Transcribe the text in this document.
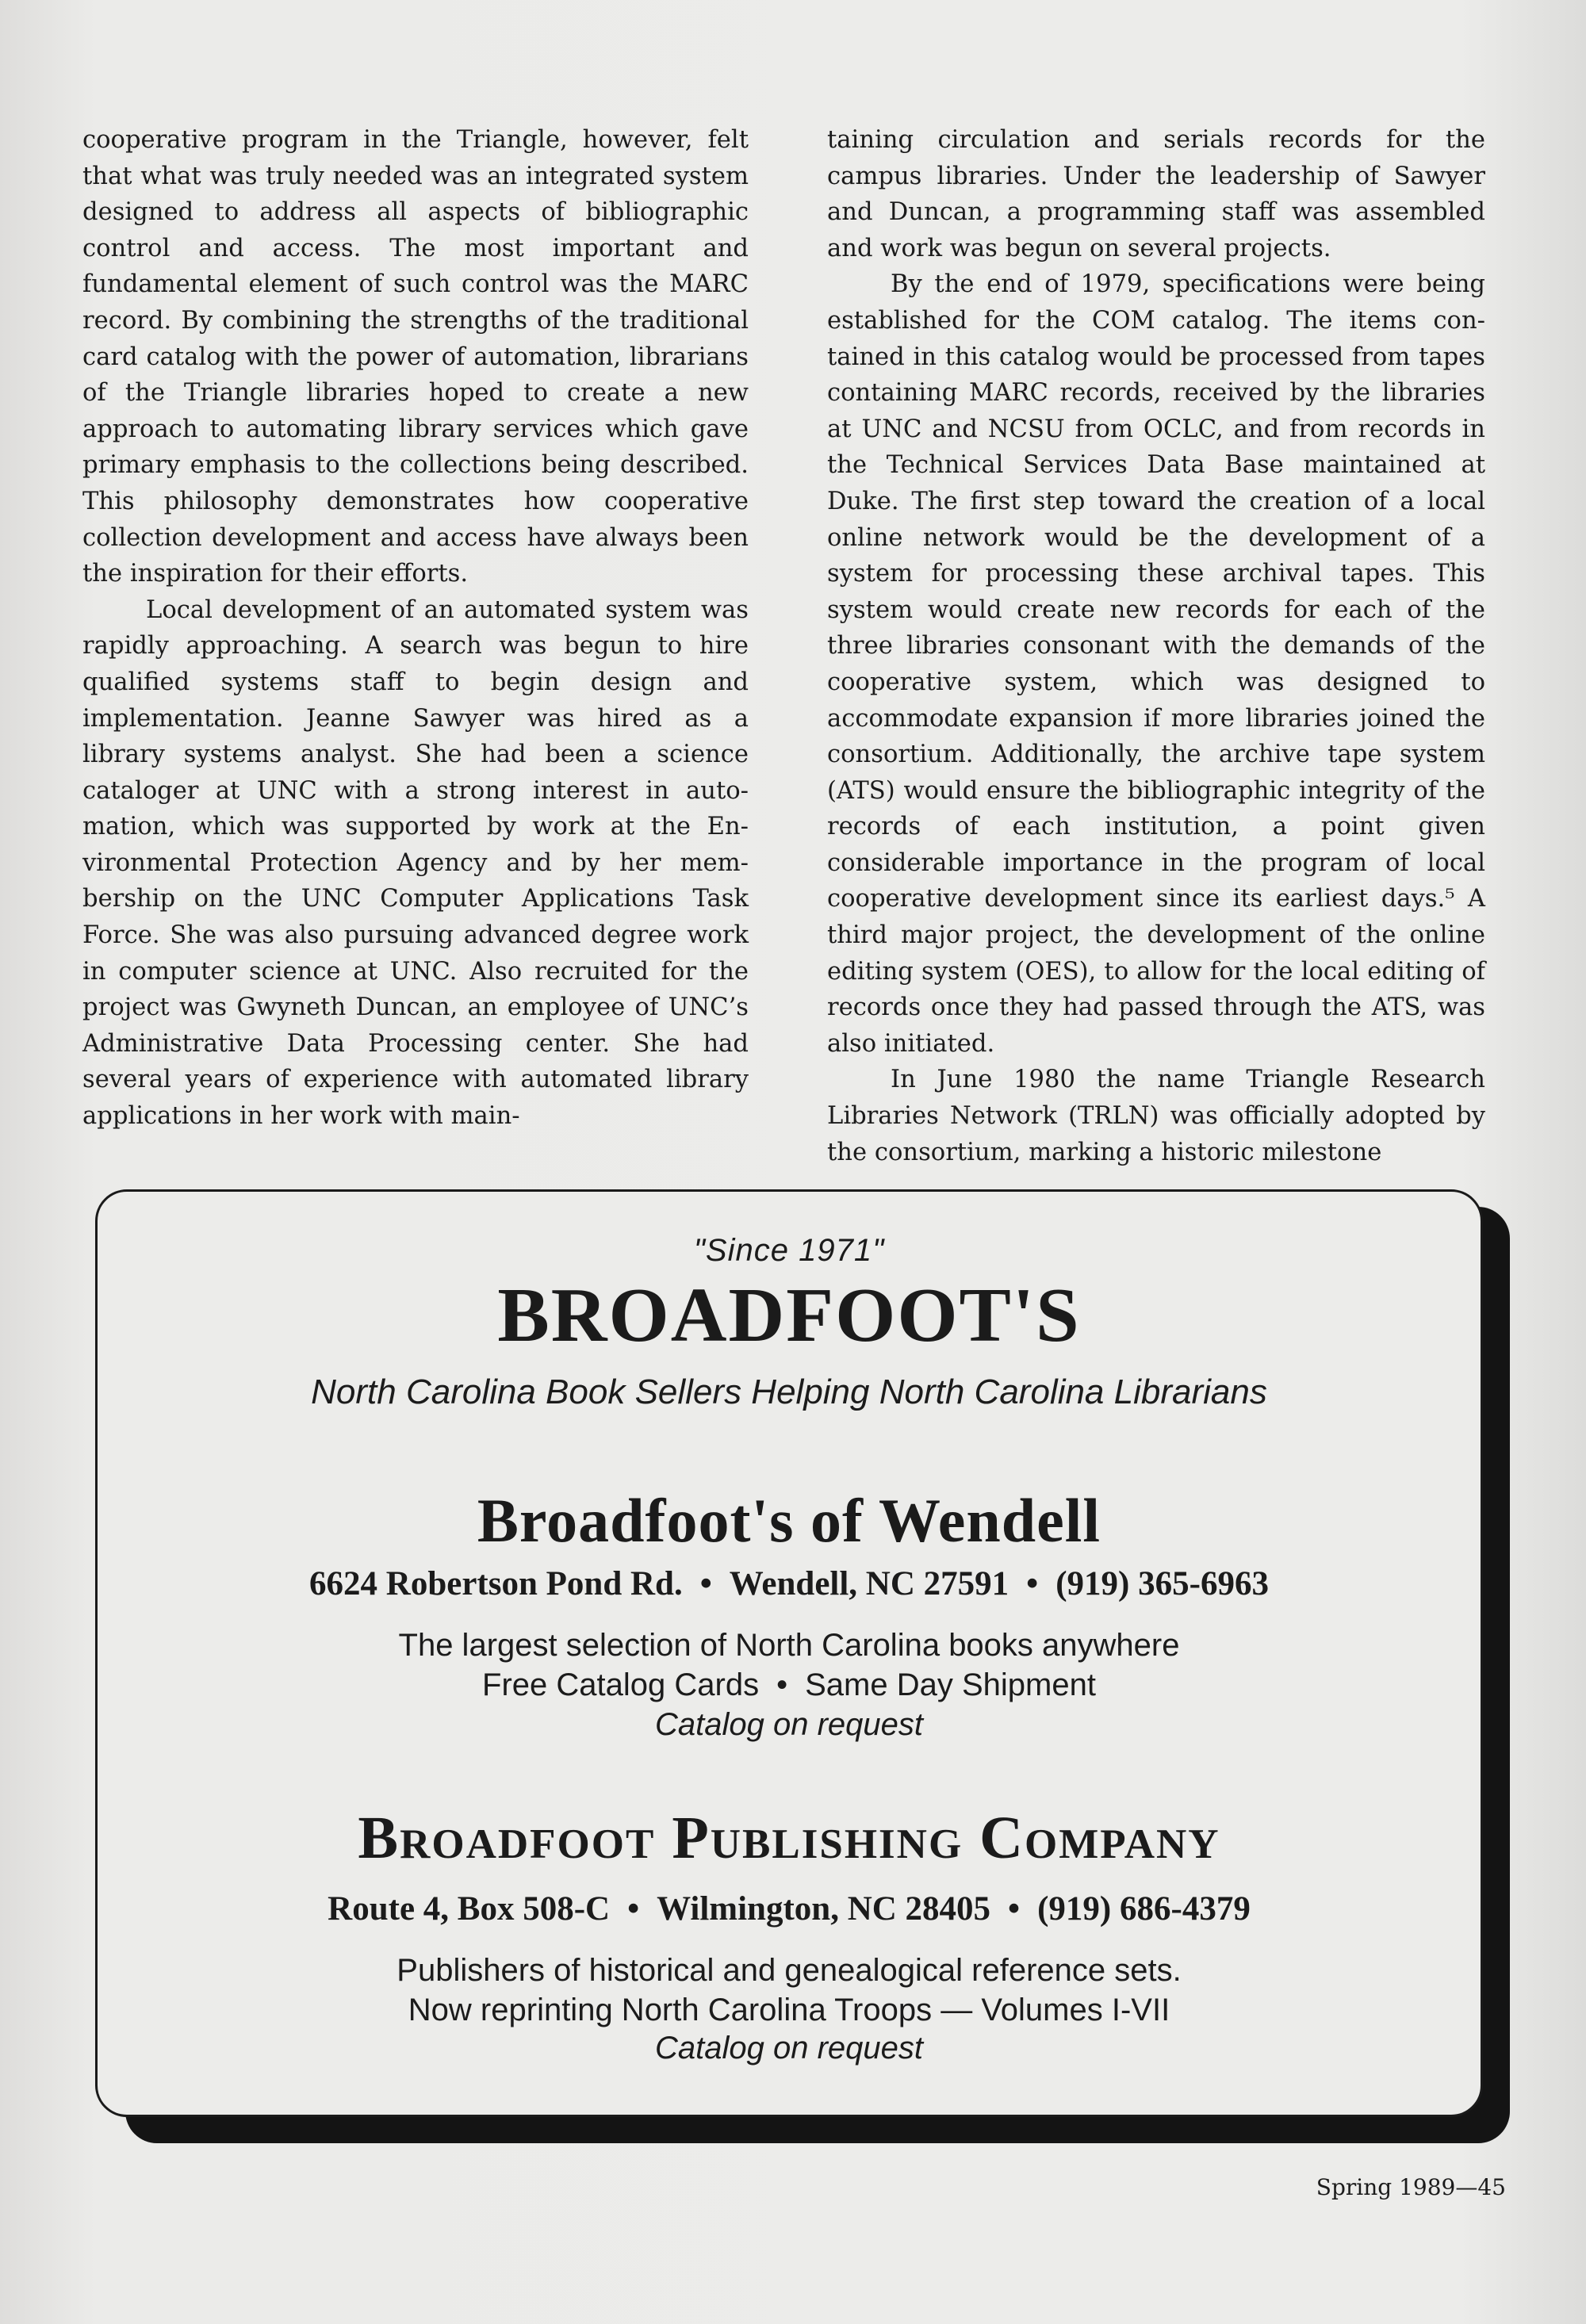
cooperative program in the Triangle, however, felt that what was truly needed was an integrated system designed to address all aspects of bibliographic control and access. The most important and fundamental element of such control was the MARC record. By combining the strengths of the traditional card catalog with the power of automation, librarians of the Triangle libraries hoped to create a new approach to automating library services which gave primary emphasis to the collections being described. This philosophy demonstrates how cooperative collection development and access have always been the inspiration for their efforts.

Local development of an automated system was rapidly approaching. A search was begun to hire qualified systems staff to begin design and implementation. Jeanne Sawyer was hired as a library systems analyst. She had been a science cataloger at UNC with a strong interest in automation, which was supported by work at the Environmental Protection Agency and by her membership on the UNC Computer Applications Task Force. She was also pursuing advanced degree work in computer science at UNC. Also recruited for the project was Gwyneth Duncan, an employee of UNC’s Administrative Data Processing center. She had several years of experience with automated library applications in her work with main-

taining circulation and serials records for the campus libraries. Under the leadership of Sawyer and Duncan, a programming staff was assembled and work was begun on several projects.

By the end of 1979, specifications were being established for the COM catalog. The items contained in this catalog would be processed from tapes containing MARC records, received by the libraries at UNC and NCSU from OCLC, and from records in the Technical Services Data Base maintained at Duke. The first step toward the creation of a local online network would be the development of a system for processing these archival tapes. This system would create new records for each of the three libraries consonant with the demands of the cooperative system, which was designed to accommodate expansion if more libraries joined the consortium. Additionally, the archive tape system (ATS) would ensure the bibliographic integrity of the records of each institution, a point given considerable importance in the program of local cooperative development since its earliest days.⁵ A third major project, the development of the online editing system (OES), to allow for the local editing of records once they had passed through the ATS, was also initiated.

In June 1980 the name Triangle Research Libraries Network (TRLN) was officially adopted by the consortium, marking a historic milestone

"Since 1971"
BROADFOOT'S
North Carolina Book Sellers Helping North Carolina Librarians
Broadfoot's of Wendell
6624 Robertson Pond Rd. • Wendell, NC 27591 • (919) 365-6963
The largest selection of North Carolina books anywhere
Free Catalog Cards • Same Day Shipment
Catalog on request
Broadfoot Publishing Company
Route 4, Box 508-C • Wilmington, NC 28405 • (919) 686-4379
Publishers of historical and genealogical reference sets.
Now reprinting North Carolina Troops — Volumes I-VII
Catalog on request
Spring 1989—45
